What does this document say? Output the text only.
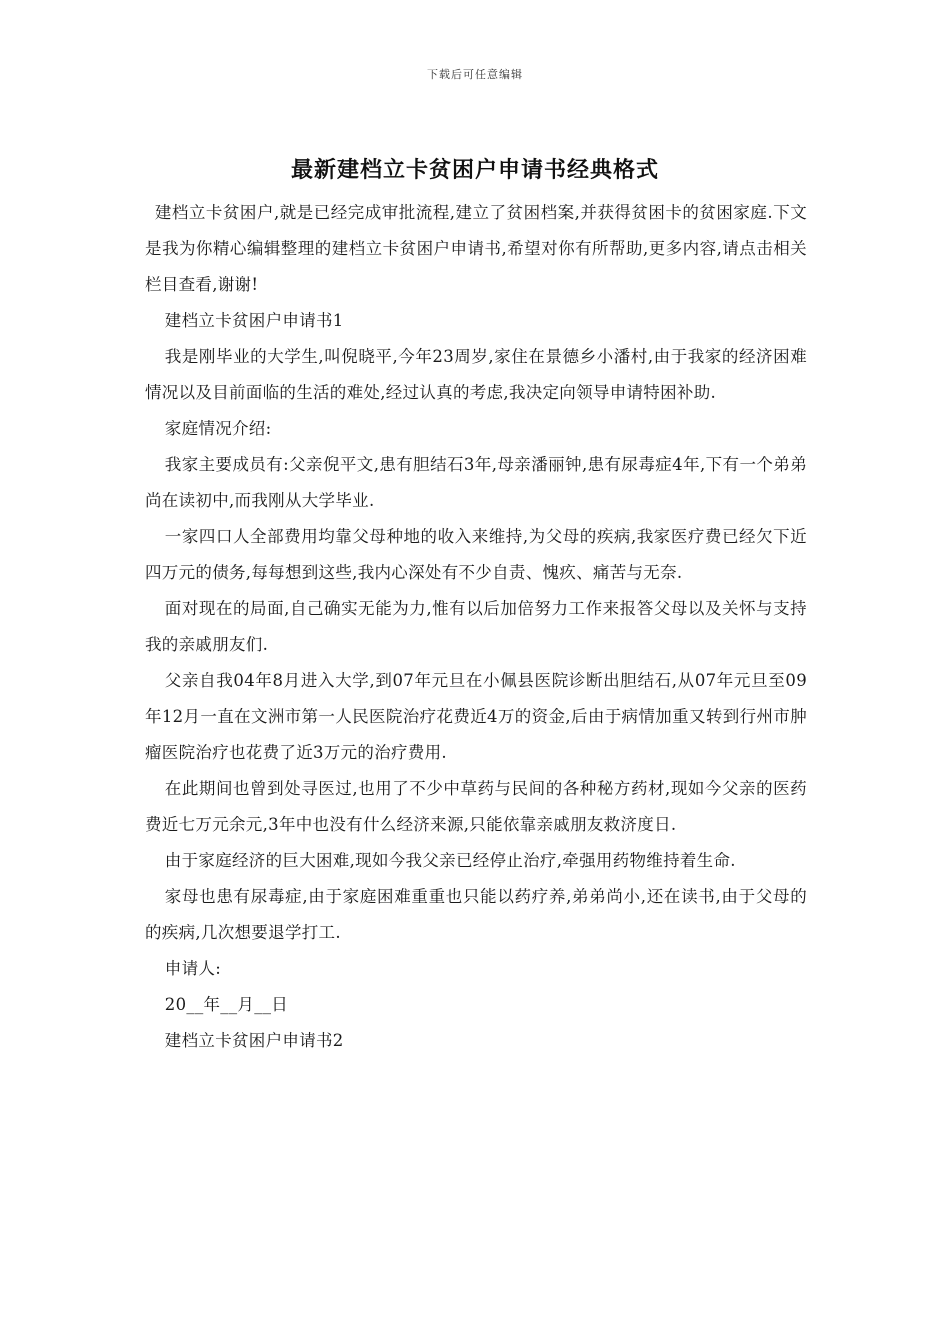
下载后可任意编辑
最新建档立卡贫困户申请书经典格式

建档立卡贫困户,就是已经完成审批流程,建立了贫困档案,并获得贫困卡的贫困家庭.下文是我为你精心编辑整理的建档立卡贫困户申请书,希望对你有所帮助,更多内容,请点击相关栏目查看,谢谢!

建档立卡贫困户申请书1

我是刚毕业的大学生,叫倪晓平,今年23周岁,家住在景德乡小潘村,由于我家的经济困难情况以及目前面临的生活的难处,经过认真的考虑,我决定向领导申请特困补助.

家庭情况介绍:

我家主要成员有:父亲倪平文,患有胆结石3年,母亲潘丽钟,患有尿毒症4年,下有一个弟弟尚在读初中,而我刚从大学毕业.

一家四口人全部费用均靠父母种地的收入来维持,为父母的疾病,我家医疗费已经欠下近四万元的债务,每每想到这些,我内心深处有不少自责、愧疚、痛苦与无奈.

面对现在的局面,自己确实无能为力,惟有以后加倍努力工作来报答父母以及关怀与支持我的亲戚朋友们.

父亲自我04年8月进入大学,到07年元旦在小佩县医院诊断出胆结石,从07年元旦至09年12月一直在文洲市第一人民医院治疗花费近4万的资金,后由于病情加重又转到行州市肿瘤医院治疗也花费了近3万元的治疗费用.

在此期间也曾到处寻医过,也用了不少中草药与民间的各种秘方药材,现如今父亲的医药费近七万元余元,3年中也没有什么经济来源,只能依靠亲戚朋友救济度日.

由于家庭经济的巨大困难,现如今我父亲已经停止治疗,牵强用药物维持着生命.

家母也患有尿毒症,由于家庭困难重重也只能以药疗养,弟弟尚小,还在读书,由于父母的的疾病,几次想要退学打工.

申请人:

20__年__月__日

建档立卡贫困户申请书2
